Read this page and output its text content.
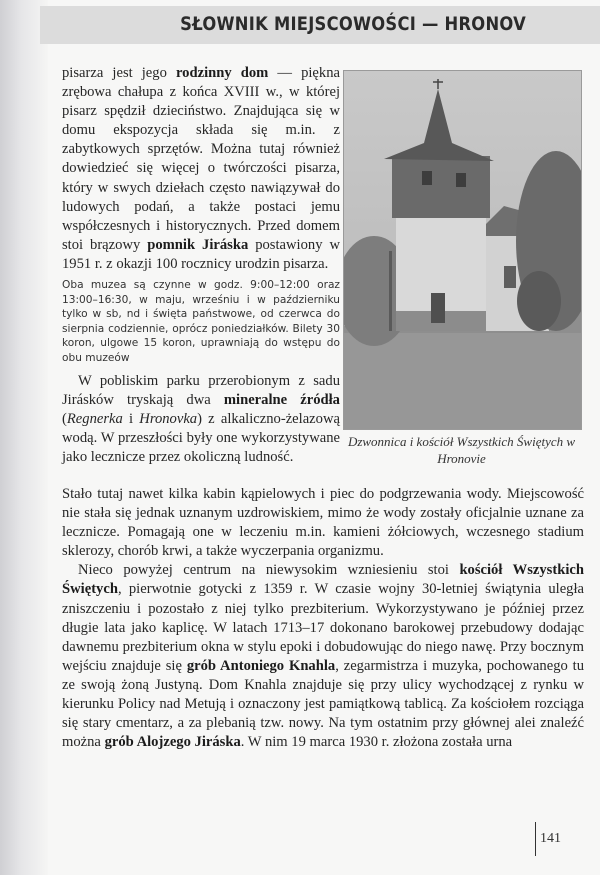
SŁOWNIK MIEJSCOWOŚCI — HRONOV

pisarza jest jego rodzinny dom — piękna zrębowa chałupa z końca XVIII w., w której pisarz spędził dzieciństwo. Znajdująca się w domu ekspozycja składa się m.in. z zabytkowych sprzętów. Można tutaj również dowiedzieć się więcej o twórczości pisarza, który w swych dziełach często nawiązywał do ludowych podań, a także postaci jemu współczesnych i historycznych. Przed domem stoi brązowy pomnik Jiráska postawiony w 1951 r. z okazji 100 rocznicy urodzin pisarza.

Oba muzea są czynne w godz. 9:00–12:00 oraz 13:00–16:30, w maju, wrześniu i w październiku tylko w sb, nd i święta państwowe, od czerwca do sierpnia codziennie, oprócz poniedziałków. Bilety 30 koron, ulgowe 15 koron, uprawniają do wstępu do obu muzeów

W pobliskim parku przerobionym z sadu Jirásków tryskają dwa mineralne źródła (Regnerka i Hronovka) z alkaliczno-żelazową wodą. W przeszłości były one wykorzystywane jako lecznicze przez okoliczną ludność.

Dzwonnica i kościół Wszystkich Świętych w Hronovie

Stało tutaj nawet kilka kabin kąpielowych i piec do podgrzewania wody. Miejscowość nie stała się jednak uznanym uzdrowiskiem, mimo że wody zostały oficjalnie uznane za lecznicze. Pomagają one w leczeniu m.in. kamieni żółciowych, wczesnego stadium sklerozy, chorób krwi, a także wyczerpania organizmu.

Nieco powyżej centrum na niewysokim wzniesieniu stoi kościół Wszystkich Świętych, pierwotnie gotycki z 1359 r. W czasie wojny 30-letniej świątynia uległa zniszczeniu i pozostało z niej tylko prezbiterium. Wykorzystywano je później przez długie lata jako kaplicę. W latach 1713–17 dokonano barokowej przebudowy dodając dawnemu prezbiterium okna w stylu epoki i dobudowując do niego nawę. Przy bocznym wejściu znajduje się grób Antoniego Knahla, zegarmistrza i muzyka, pochowanego tu ze swoją żoną Justyną. Dom Knahla znajduje się przy ulicy wychodzącej z rynku w kierunku Policy nad Metują i oznaczony jest pamiątkową tablicą. Za kościołem rozciąga się stary cmentarz, a za plebanią tzw. nowy. Na tym ostatnim przy głównej alei znaleźć można grób Alojzego Jiráska. W nim 19 marca 1930 r. złożona została urna

141
